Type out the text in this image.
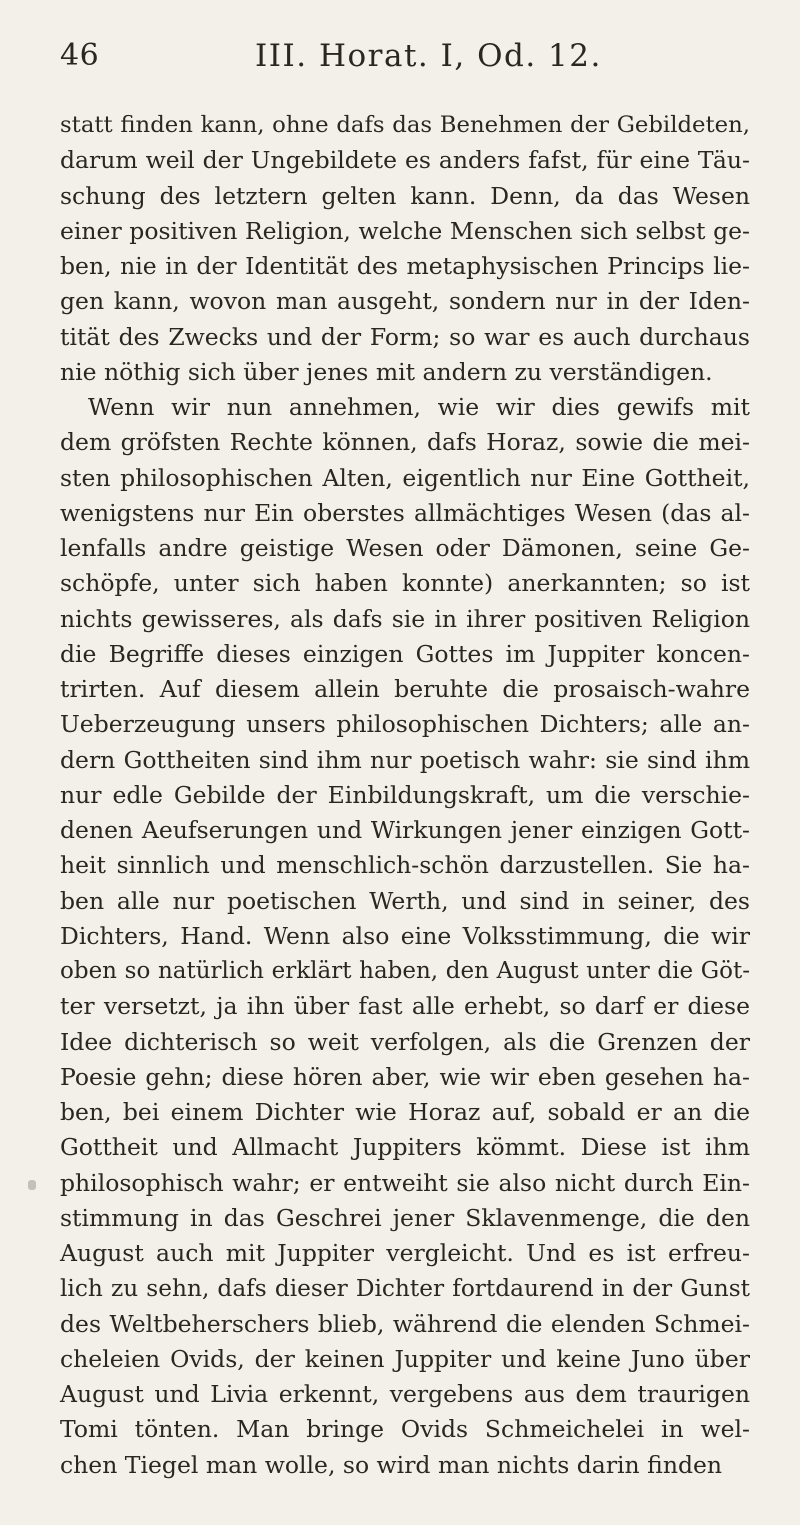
46	III. Horat. I, Od. 12.
statt finden kann, ohne dafs das Benehmen der Gebildeten,
darum weil der Ungebildete es anders fafst, für eine Täu-
schung des letztern gelten kann. Denn, da das Wesen
einer positiven Religion, welche Menschen sich selbst ge-
ben, nie in der Identität des metaphysischen Princips lie-
gen kann, wovon man ausgeht, sondern nur in der Iden-
tität des Zwecks und der Form; so war es auch durchaus
nie nöthig sich über jenes mit andern zu verständigen.
Wenn wir nun annehmen, wie wir dies gewifs mit
dem gröfsten Rechte können, dafs Horaz, sowie die mei-
sten philosophischen Alten, eigentlich nur Eine Gottheit,
wenigstens nur Ein oberstes allmächtiges Wesen (das al-
lenfalls andre geistige Wesen oder Dämonen, seine Ge-
schöpfe, unter sich haben konnte) anerkannten; so ist
nichts gewisseres, als dafs sie in ihrer positiven Religion
die Begriffe dieses einzigen Gottes im Juppiter koncen-
trirten. Auf diesem allein beruhte die prosaisch-wahre
Ueberzeugung unsers philosophischen Dichters; alle an-
dern Gottheiten sind ihm nur poetisch wahr: sie sind ihm
nur edle Gebilde der Einbildungskraft, um die verschie-
denen Aeufserungen und Wirkungen jener einzigen Gott-
heit sinnlich und menschlich-schön darzustellen. Sie ha-
ben alle nur poetischen Werth, und sind in seiner, des
Dichters, Hand. Wenn also eine Volksstimmung, die wir
oben so natürlich erklärt haben, den August unter die Göt-
ter versetzt, ja ihn über fast alle erhebt, so darf er diese
Idee dichterisch so weit verfolgen, als die Grenzen der
Poesie gehn; diese hören aber, wie wir eben gesehen ha-
ben, bei einem Dichter wie Horaz auf, sobald er an die
Gottheit und Allmacht Juppiters kömmt. Diese ist ihm
philosophisch wahr; er entweiht sie also nicht durch Ein-
stimmung in das Geschrei jener Sklavenmenge, die den
August auch mit Juppiter vergleicht. Und es ist erfreu-
lich zu sehn, dafs dieser Dichter fortdaurend in der Gunst
des Weltbeherschers blieb, während die elenden Schmei-
cheleien Ovids, der keinen Juppiter und keine Juno über
August und Livia erkennt, vergebens aus dem traurigen
Tomi tönten. Man bringe Ovids Schmeichelei in wel-
chen Tiegel man wolle, so wird man nichts darin finden
